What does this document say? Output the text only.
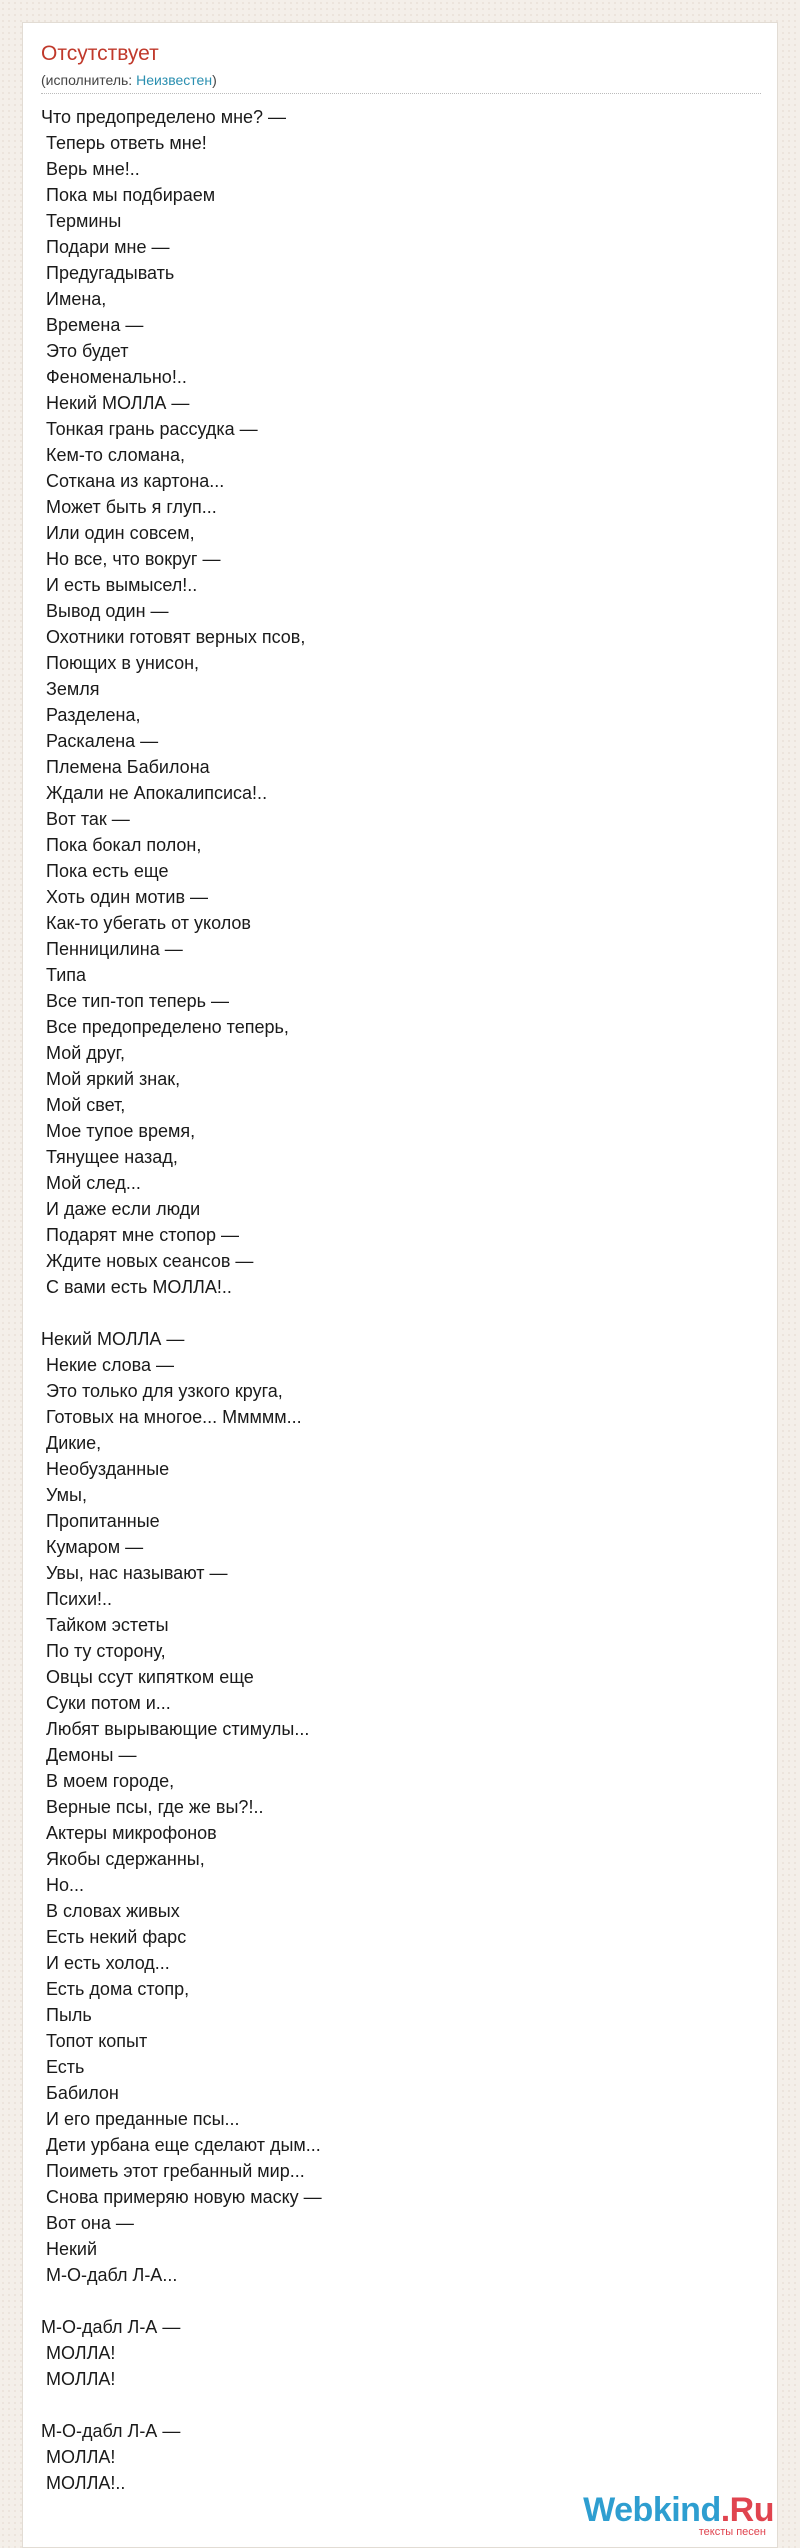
Отсутствует
(исполнитель: Неизвестен)
Что предопределено мне? —
Теперь ответь мне!
Верь мне!..
Пока мы подбираем
Термины
Подари мне —
Предугадывать
Имена,
Времена —
Это будет
Феноменально!..
Некий МОЛЛА —
Тонкая грань рассудка —
Кем-то сломана,
Соткана из картона...
Может быть я глуп...
Или один совсем,
Но все, что вокруг —
И есть вымысел!..
Вывод один —
Охотники готовят верных псов,
Поющих в унисон,
Земля
Разделена,
Раскалена —
Племена Бабилона
Ждали не Апокалипсиса!..
Вот так —
Пока бокал полон,
Пока есть еще
Хоть один мотив —
Как-то убегать от уколов
Пенницилина —
Типа
Все тип-топ теперь —
Все предопределено теперь,
Мой друг,
Мой яркий знак,
Мой свет,
Мое тупое время,
Тянущее назад,
Мой след...
И даже если люди
Подарят мне стопор —
Ждите новых сеансов —
С вами есть МОЛЛА!..

Некий МОЛЛА —
Некие слова —
Это только для узкого круга,
Готовых на многое... Ммммм...
Дикие,
Необузданные
Умы,
Пропитанные
Кумаром —
Увы, нас называют —
Психи!..
Тайком эстеты
По ту сторону,
Овцы ссут кипятком еще
Суки потом и...
Любят вырывающие стимулы...
Демоны —
В моем городе,
Верные псы, где же вы?!..
Актеры микрофонов
Якобы сдержанны,
Но...
В словах живых
Есть некий фарс
И есть холод...
Есть дома стопр,
Пыль
Топот копыт
Есть
Бабилон
И его преданные псы...
Дети урбана еще сделают дым...
Поиметь этот гребанный мир...
Снова примеряю новую маску —
Вот она —
Некий
М-О-дабл Л-А...

М-О-дабл Л-А —
МОЛЛА!
МОЛЛА!

М-О-дабл Л-А —
МОЛЛА!
МОЛЛА!..
Webkind.Ru
тексты песен
